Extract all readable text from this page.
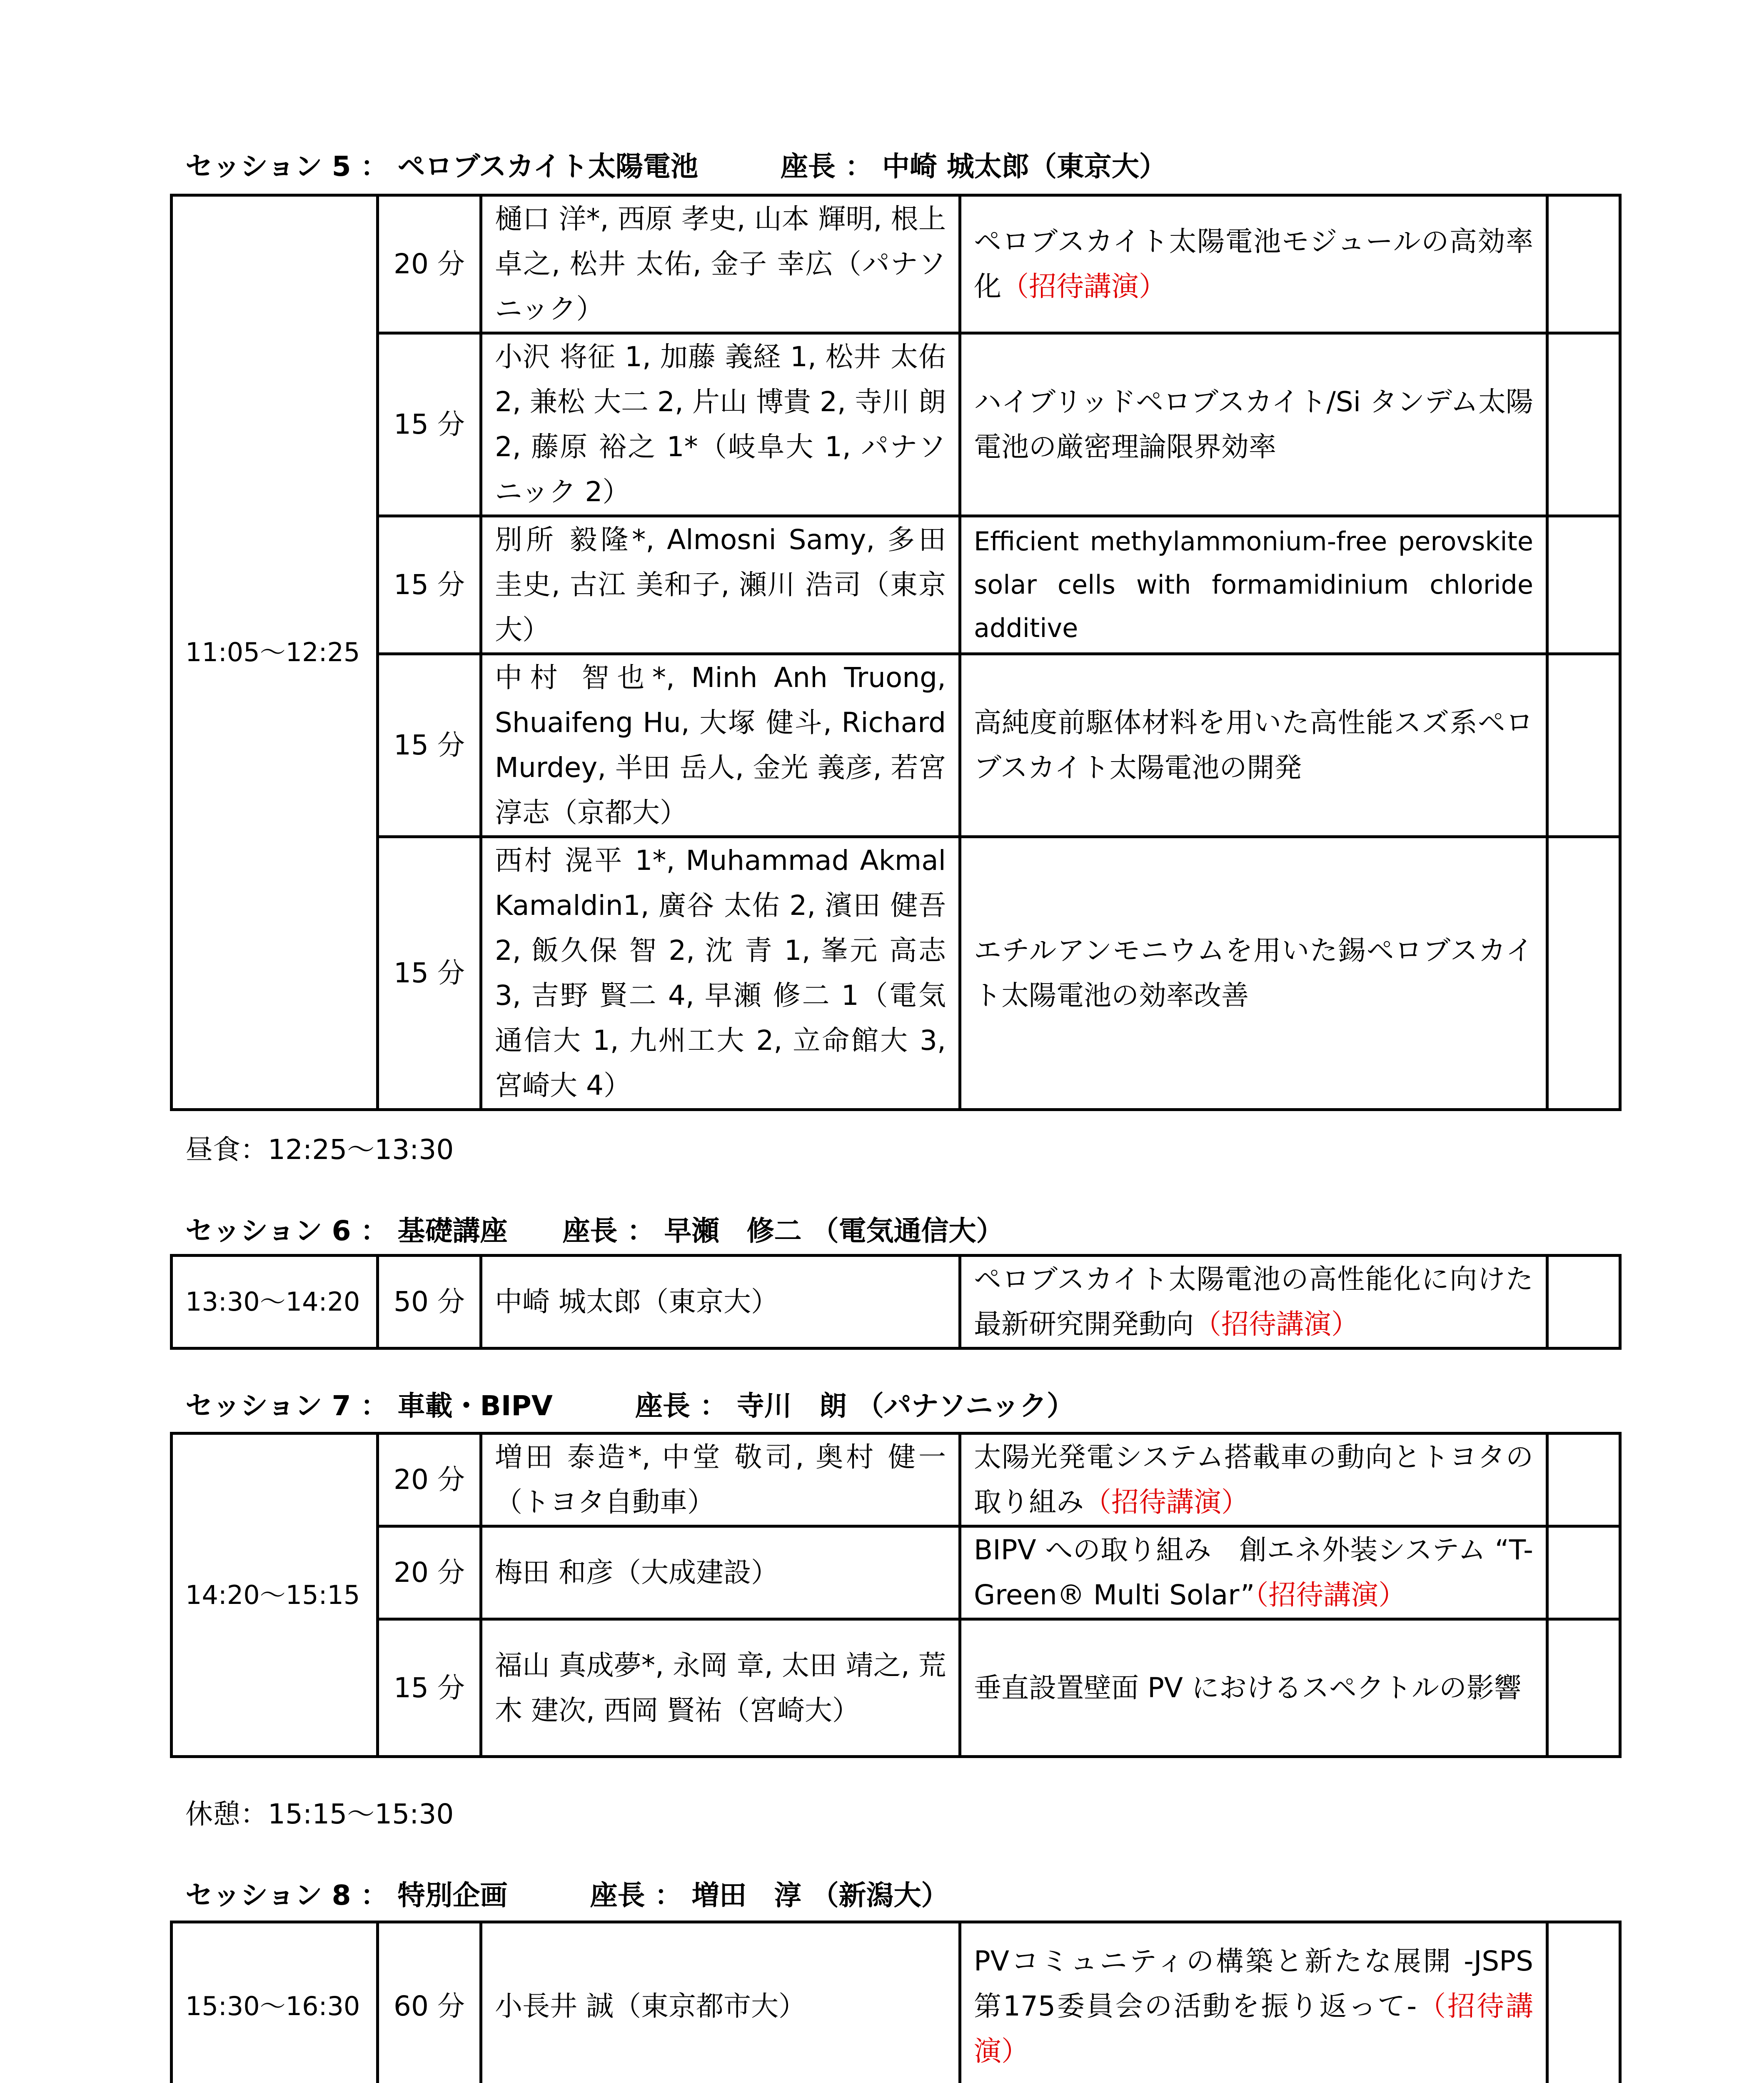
セッション 5 ： ペロブスカイト太陽電池　　　座長 ： 中崎 城太郎（東京大）
11:05～12:25	20 分	樋口 洋*, 西原 孝史, 山本 輝明, 根上 卓之, 松井 太佑, 金子 幸広（パナソニック）	ペロブスカイト太陽電池モジュールの高効率化（招待講演）	
	15 分	小沢 将征 1, 加藤 義経 1, 松井 太佑 2, 兼松 大二 2, 片山 博貴 2, 寺川 朗 2, 藤原 裕之 1*（岐阜大 1, パナソニック 2）	ハイブリッドペロブスカイト/Si タンデム太陽電池の厳密理論限界効率	
	15 分	別所 毅隆*, Almosni Samy, 多田 圭史, 古江 美和子, 瀬川 浩司（東京大）	Efficient methylammonium-free perovskite solar cells with formamidinium chloride additive	
	15 分	中村 智也*, Minh Anh Truong, Shuaifeng Hu, 大塚 健斗, Richard Murdey, 半田 岳人, 金光 義彦, 若宮 淳志（京都大）	高純度前駆体材料を用いた高性能スズ系ペロブスカイト太陽電池の開発	
	15 分	西村 滉平 1*, Muhammad Akmal Kamaldin1, 廣谷 太佑 2, 濱田 健吾 2, 飯久保 智 2, 沈 青 1, 峯元 高志 3, 吉野 賢二 4, 早瀬 修二 1（電気通信大 1, 九州工大 2, 立命館大 3, 宮崎大 4）	エチルアンモニウムを用いた錫ペロブスカイト太陽電池の効率改善	
昼食：12:25～13:30
セッション 6 ： 基礎講座　　座長 ： 早瀬　修二 （電気通信大）
13:30～14:20	50 分	中崎 城太郎（東京大）	ペロブスカイト太陽電池の高性能化に向けた最新研究開発動向（招待講演）	
セッション 7 ： 車載・BIPV　　　座長 ： 寺川　朗 （パナソニック）
14:20～15:15	20 分	増田 泰造*, 中堂 敬司, 奥村 健一（トヨタ自動車）	太陽光発電システム搭載車の動向とトヨタの取り組み（招待講演）	
	20 分	梅田 和彦（大成建設）	BIPV への取り組み　創エネ外装システム “T-Green® Multi Solar”（招待講演）	
	15 分	福山 真成夢*, 永岡 章, 太田 靖之, 荒木 建次, 西岡 賢祐（宮崎大）	垂直設置壁面 PV におけるスペクトルの影響	
休憩：15:15～15:30
セッション 8 ： 特別企画　　　座長 ： 増田　淳 （新潟大）
15:30～16:30	60 分	小長井 誠（東京都市大）	PVコミュニティの構築と新たな展開 -JSPS 第175委員会の活動を振り返って-（招待講演）	
